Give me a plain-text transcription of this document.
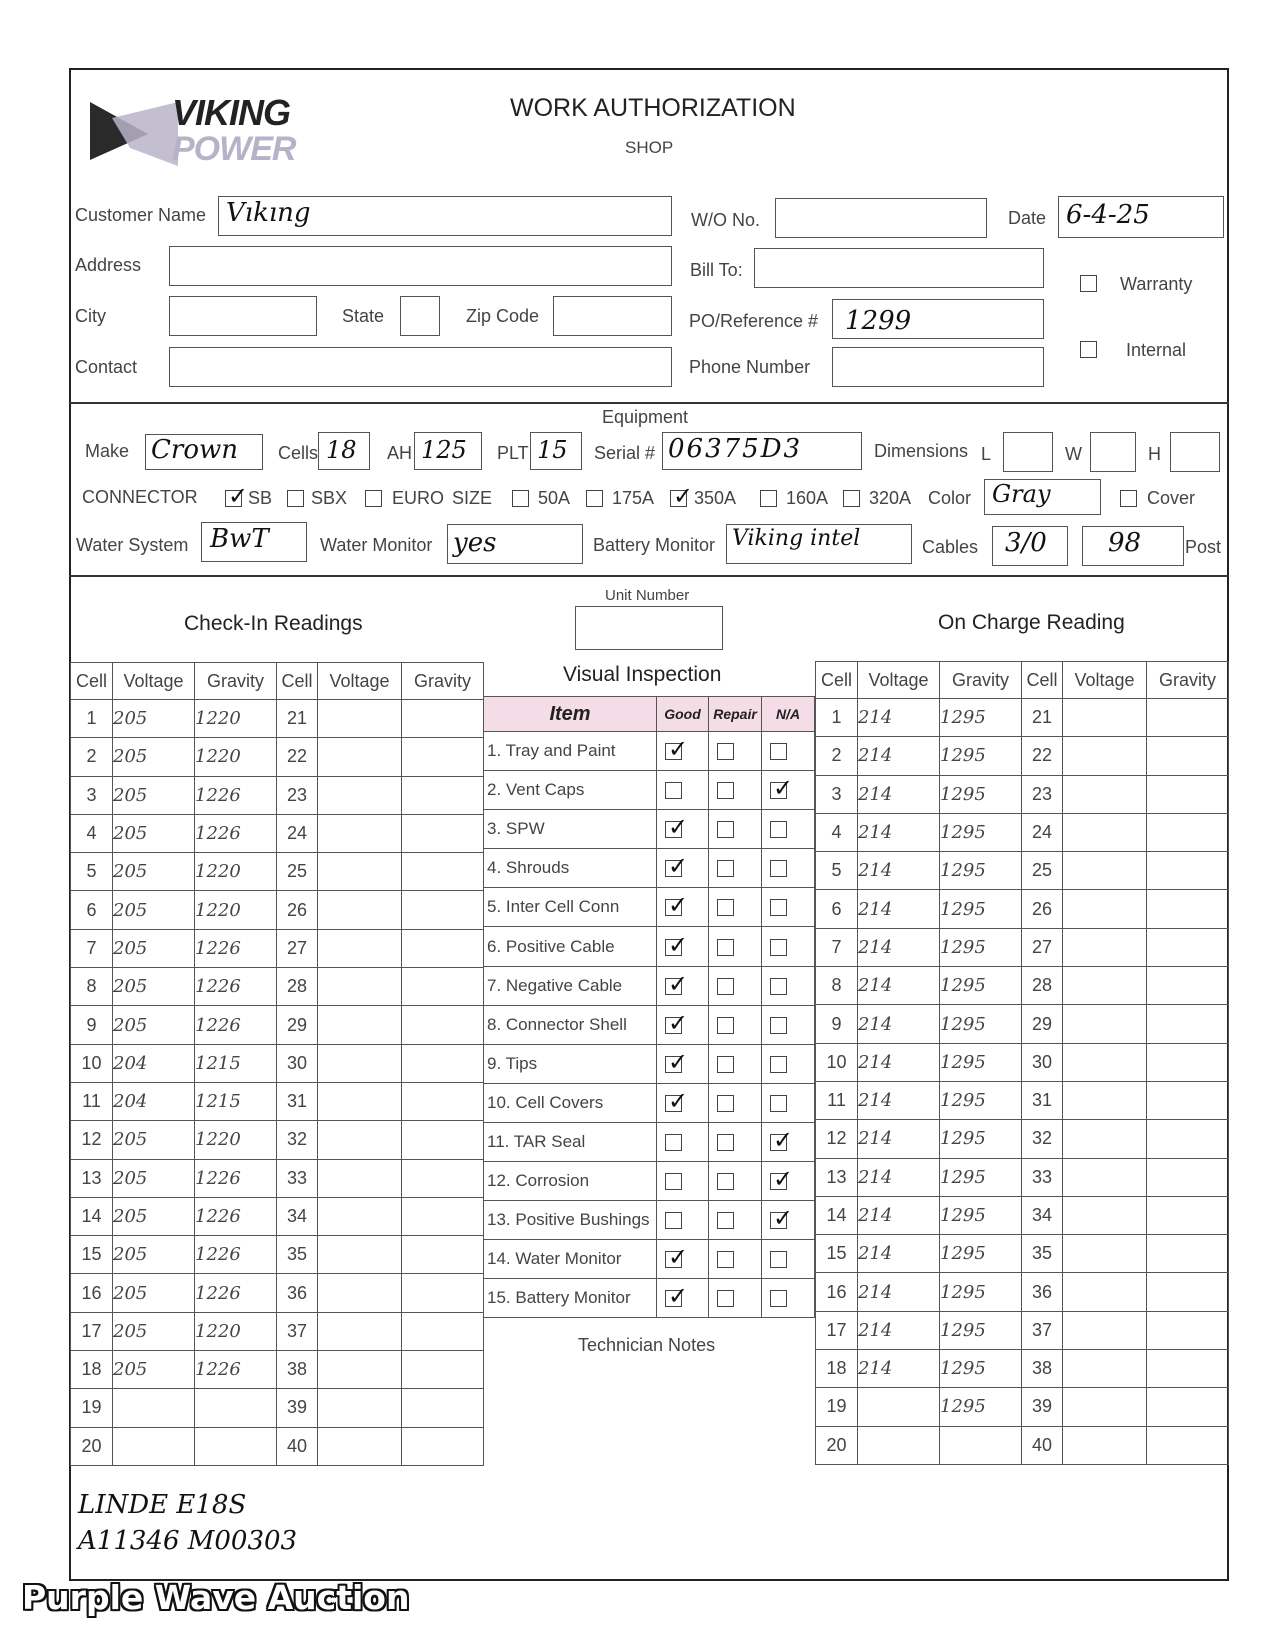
VIKING
POWER
WORK AUTHORIZATION
SHOP
Customer Name Vıkıng
Address
City	State	Zip Code
Contact
W/O No.	Date 6-4-25
Bill To:
Warranty
PO/Reference # 1299
Internal
Phone Number
Equipment
Make Crown Cells 18 AH 125 PLT 15 Serial # 06375D3	Dimensions L	W	H
CONNECTOR ✓	SB SBX EURO SIZE	50A 175A ✓ 350A	160A 320A Color Gray	Cover
Water System BwT	Water Monitor yes	Battery Monitor Viking intel	Cables 3/0 98 Post
Unit Number
Check-In Readings	On Charge Reading
Visual Inspection
Cell	Voltage	Gravity	Cell	Voltage	Gravity
1	205	1220	21		
2	205	1220	22		
3	205	1226	23		
4	205	1226	24		
5	205	1220	25		
6	205	1220	26		
7	205	1226	27		
8	205	1226	28		
9	205	1226	29		
10	204	1215	30		
11	204	1215	31		
12	205	1220	32		
13	205	1226	33		
14	205	1226	34		
15	205	1226	35		
16	205	1226	36		
17	205	1220	37		
18	205	1226	38		
19			39		
20			40		
Item	Good	Repair	N/A
1. Tray and Paint	✓		
2. Vent Caps			✓
3. SPW	✓		
4. Shrouds	✓		
5. Inter Cell Conn	✓		
6. Positive Cable	✓		
7. Negative Cable	✓		
8. Connector Shell	✓		
9. Tips	✓		
10. Cell Covers	✓		
11. TAR Seal			✓
12. Corrosion			✓
13. Positive Bushings			✓
14. Water Monitor	✓		
15. Battery Monitor	✓		
Technician Notes
Cell	Voltage	Gravity	Cell	Voltage	Gravity
1	214	1295	21		
2	214	1295	22		
3	214	1295	23		
4	214	1295	24		
5	214	1295	25		
6	214	1295	26		
7	214	1295	27		
8	214	1295	28		
9	214	1295	29		
10	214	1295	30		
11	214	1295	31		
12	214	1295	32		
13	214	1295	33		
14	214	1295	34		
15	214	1295	35		
16	214	1295	36		
17	214	1295	37		
18	214	1295	38		
19		1295	39		
20			40		
LINDE E18S
A11346 M00303
Purple Wave Auction
